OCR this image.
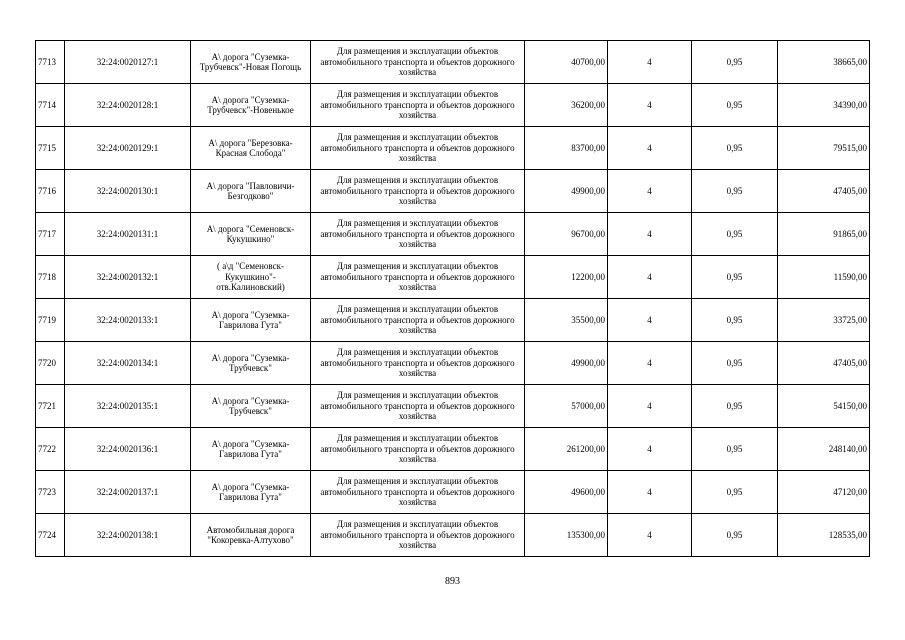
7713	32:24:0020127:1	А\ дорога "Суземка-Трубчевск"-Новая Погощь	Для размещения и эксплуатации объектов автомобильного транспорта и объектов дорожного хозяйства	40700,00	4	0,95	38665,00
7714	32:24:0020128:1	А\ дорога "Суземка-Трубчевск"-Новенькое	Для размещения и эксплуатации объектов автомобильного транспорта и объектов дорожного хозяйства	36200,00	4	0,95	34390,00
7715	32:24:0020129:1	А\ дорога "Березовка-Красная Слобода"	Для размещения и эксплуатации объектов автомобильного транспорта и объектов дорожного хозяйства	83700,00	4	0,95	79515,00
7716	32:24:0020130:1	А\ дорога "Павловичи-Безгодково"	Для размещения и эксплуатации объектов автомобильного транспорта и объектов дорожного хозяйства	49900,00	4	0,95	47405,00
7717	32:24:0020131:1	А\ дорога "Семеновск-Кукушкино"	Для размещения и эксплуатации объектов автомобильного транспорта и объектов дорожного хозяйства	96700,00	4	0,95	91865,00
7718	32:24:0020132:1	( а\д "Семеновск-Кукушкино"-отв.Калиновский)	Для размещения и эксплуатации объектов автомобильного транспорта и объектов дорожного хозяйства	12200,00	4	0,95	11590,00
7719	32:24:0020133:1	А\ дорога "Суземка-Гаврилова Гута"	Для размещения и эксплуатации объектов автомобильного транспорта и объектов дорожного хозяйства	35500,00	4	0,95	33725,00
7720	32:24:0020134:1	А\ дорога "Суземка-Трубчевск"	Для размещения и эксплуатации объектов автомобильного транспорта и объектов дорожного хозяйства	49900,00	4	0,95	47405,00
7721	32:24:0020135:1	А\ дорога "Суземка-Трубчевск"	Для размещения и эксплуатации объектов автомобильного транспорта и объектов дорожного хозяйства	57000,00	4	0,95	54150,00
7722	32:24:0020136:1	А\ дорога "Суземка-Гаврилова Гута"	Для размещения и эксплуатации объектов автомобильного транспорта и объектов дорожного хозяйства	261200,00	4	0,95	248140,00
7723	32:24:0020137:1	А\ дорога "Суземка-Гаврилова Гута"	Для размещения и эксплуатации объектов автомобильного транспорта и объектов дорожного хозяйства	49600,00	4	0,95	47120,00
7724	32:24:0020138:1	Автомобильная дорога "Кокоревка-Алтухово"	Для размещения и эксплуатации объектов автомобильного транспорта и объектов дорожного хозяйства	135300,00	4	0,95	128535,00
893
